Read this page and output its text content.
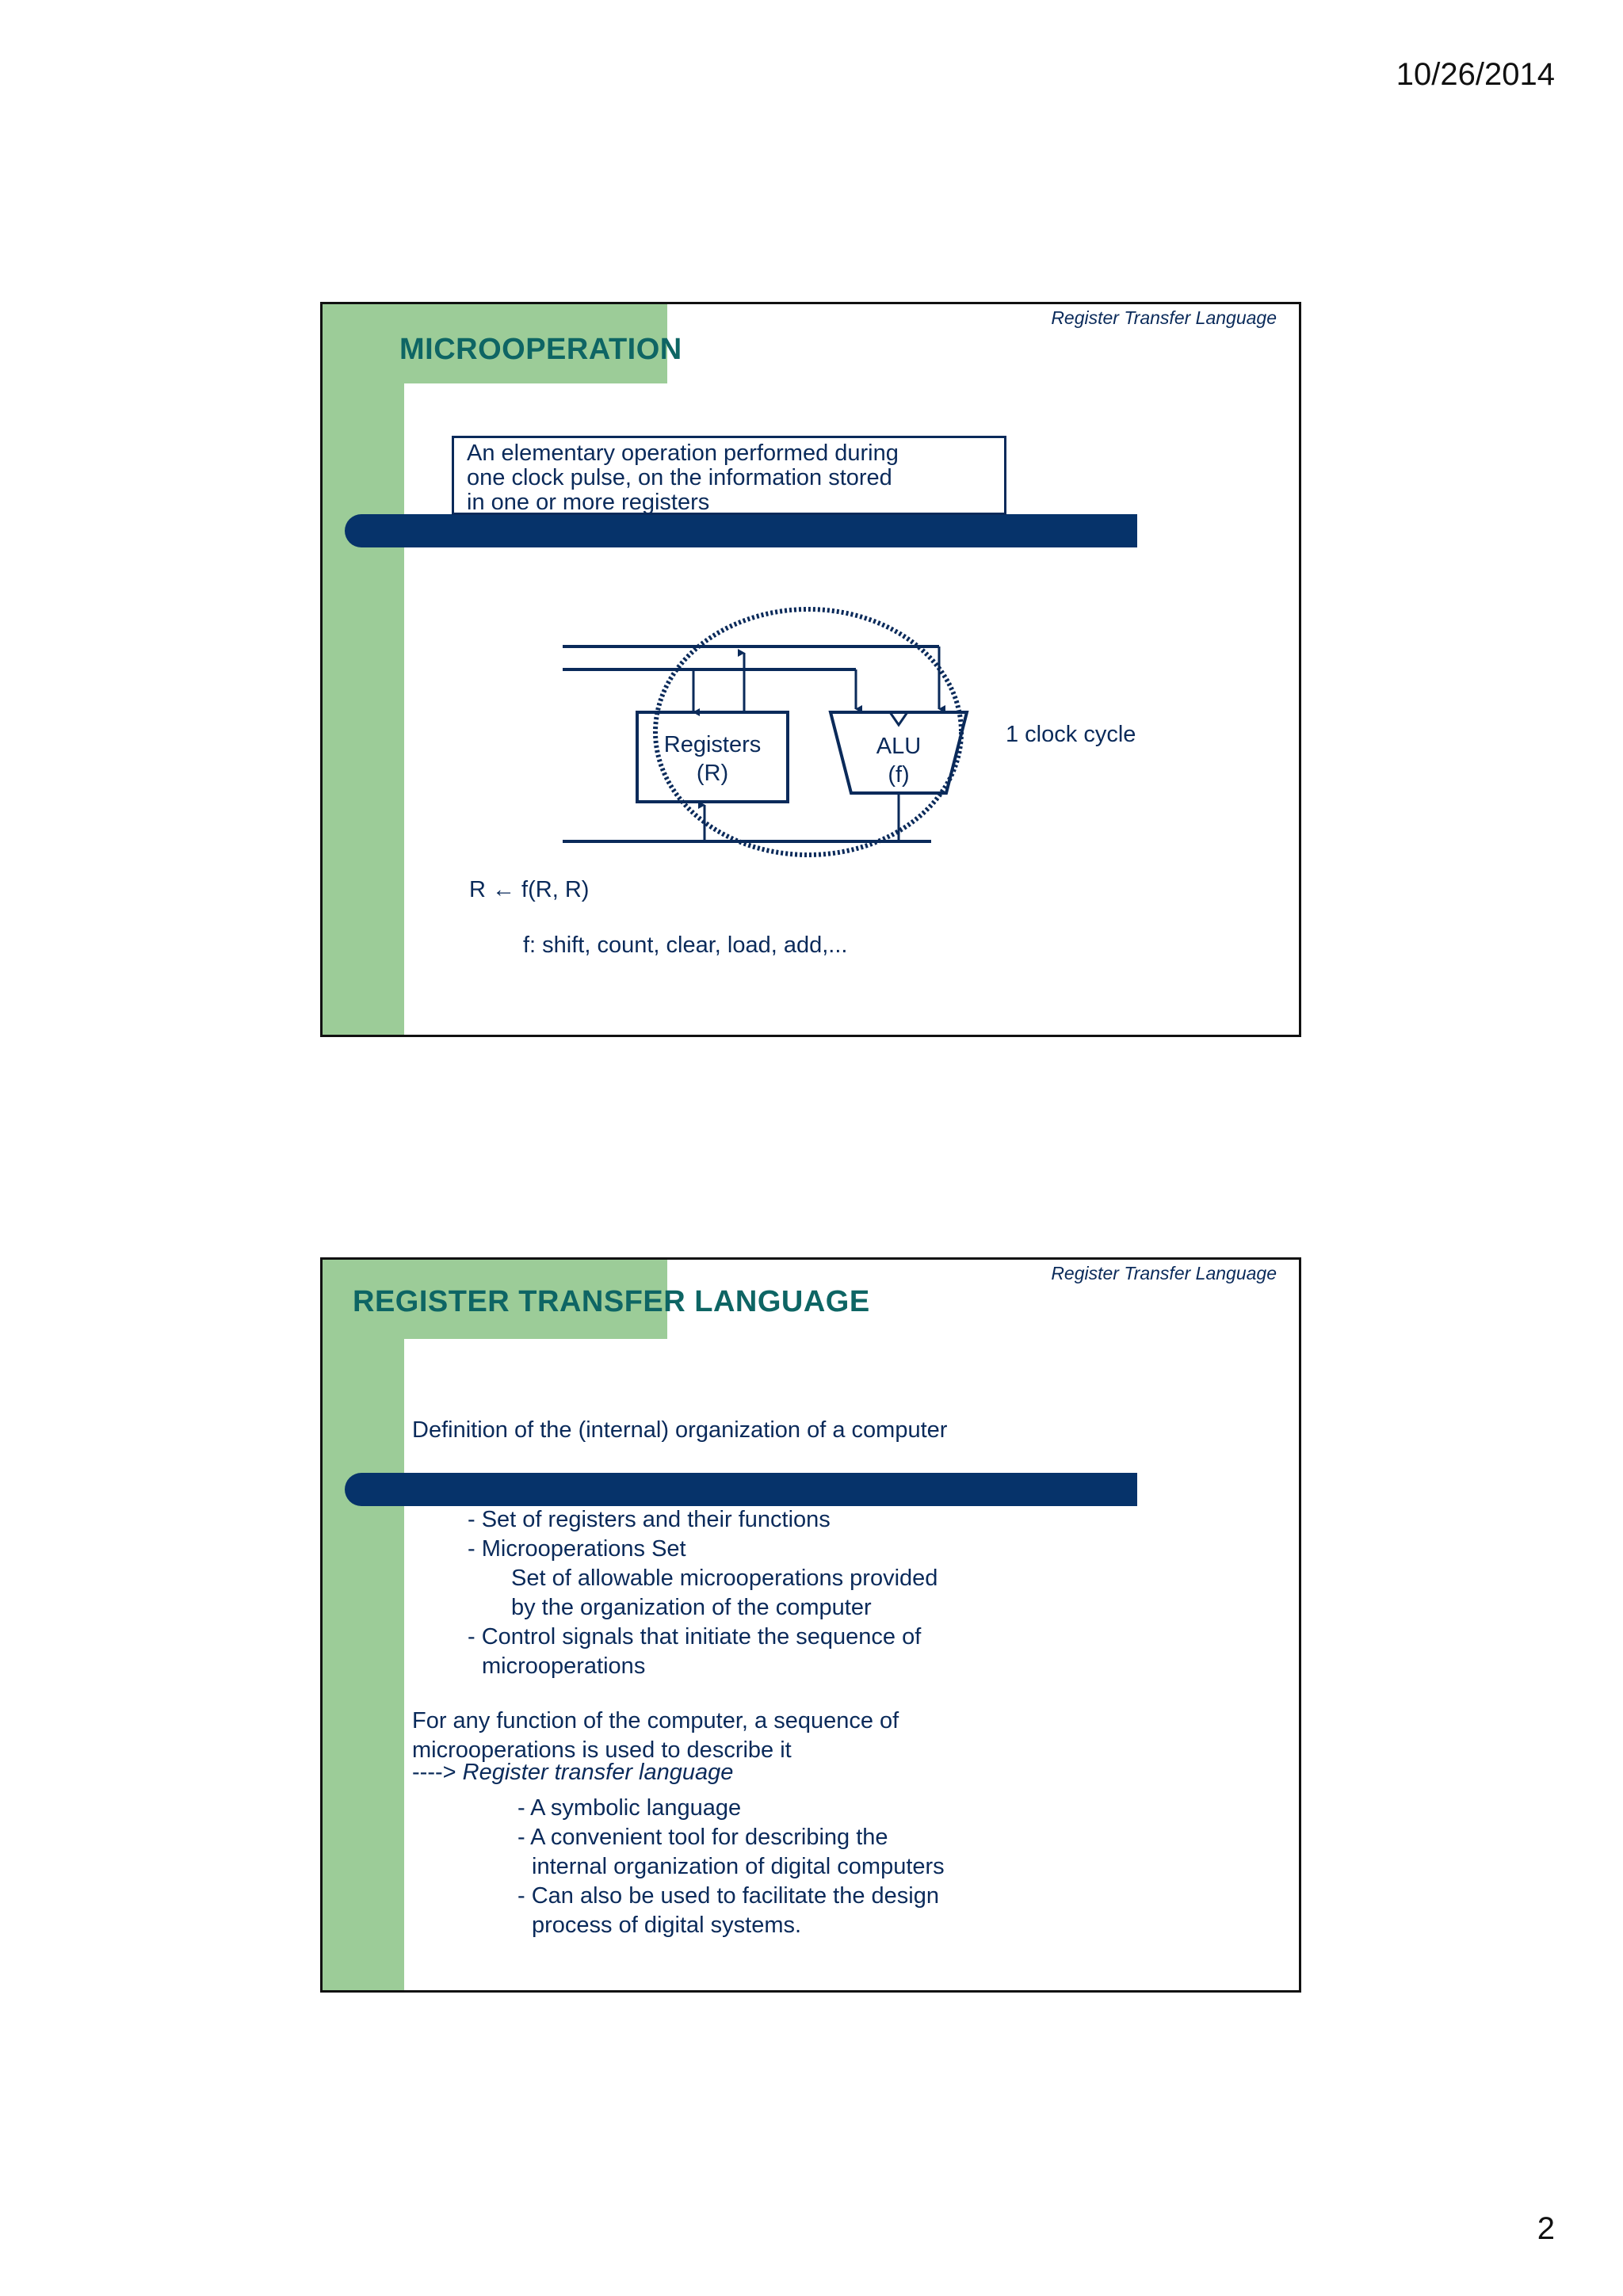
10/26/2014
Register Transfer Language
MICROOPERATION
An elementary operation performed during
one clock pulse, on the information stored
in one or more registers
Registers
(R)
ALU
(f)
1 clock cycle
R ← f(R, R)
f: shift, count, clear, load, add,...
Register Transfer Language
REGISTER TRANSFER LANGUAGE
Definition of the (internal) organization of a computer
- Set of registers and their functions
- Microoperations Set
Set of allowable microoperations provided
by the organization of the computer
- Control signals that initiate the sequence of
microoperations
For any function of the computer, a sequence of
microoperations is used to describe it
----> Register transfer language
- A symbolic language
- A convenient tool for describing the
internal organization of digital computers
- Can also be used to facilitate the design
process of digital systems.
2
